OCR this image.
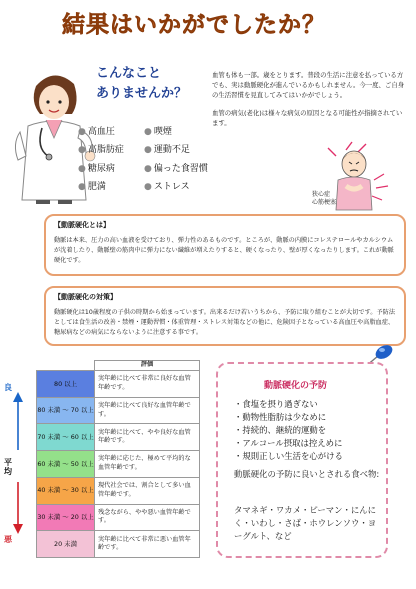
結果はいかがでしたか？
こんなこと
ありませんか？
● 高血圧	● 喫煙
● 高脂肪症	● 運動不足
● 糖尿病	● 偏った食習慣
● 肥満	● ストレス

血管も体も一部。歳をとります。普段の生活に注意を払っている方でも、実は動脈硬化が進んでいるかもしれません。今一度、ご自身の生活習慣を見直してみてはいかがでしょう。

血管の病気(老化)は様々な病気の原因となる可能性が指摘されています。

狭心症
心筋梗塞
【動脈硬化とは】
動脈は本来、圧力の高い血液を受けており、弾力性のあるものです。ところが、動脈の内膜にコレステロールやカルシウムが沈着したり、動脈壁の筋肉中に弾力にない繊維が増えたりすると、硬くなったり、壁が厚くなったりします。これが動脈硬化です。
【動脈硬化の対策】
動脈硬化は10歳程度の子供の時期から始まっています。出来るだけ若いうちから、予防に取り組むことが大切です。予防法としては食生活の改善・禁煙・運動習慣・体重管理・ストレス対策などの他に、危険因子となっている高血圧や高脂血症、糖尿病などの病気にならないように注意する事です。
良
平
均
悪
	評価
80 以上	実年齢に比べて非常に良好な血管年齢です。
80 未満 〜 70 以上	実年齢に比べて良好な血管年齢です。
70 未満 〜 60 以上	実年齢に比べて、やや良好な血管年齢です。
60 未満 〜 50 以上	実年齢に応じた、極めて平均的な血管年齢です。
40 未満 〜 30 以上	現代社会では、割合として多い血管年齢です。
30 未満 〜 20 以上	残念ながら、やや悪い血管年齢です。
20 未満	実年齢に比べて非常に悪い血管年齢です。
動脈硬化の予防
・食塩を摂り過ぎない
・動物性脂肪は少なめに
・持続的、継続的運動を
・アルコール摂取は控えめに
・規則正しい生活を心がける
動脈硬化の予防に良いとされる食べ物:
タマネギ・ワカメ・ピーマン・にんにく・いわし・さば・ホウレンソウ・ヨーグルト、など
